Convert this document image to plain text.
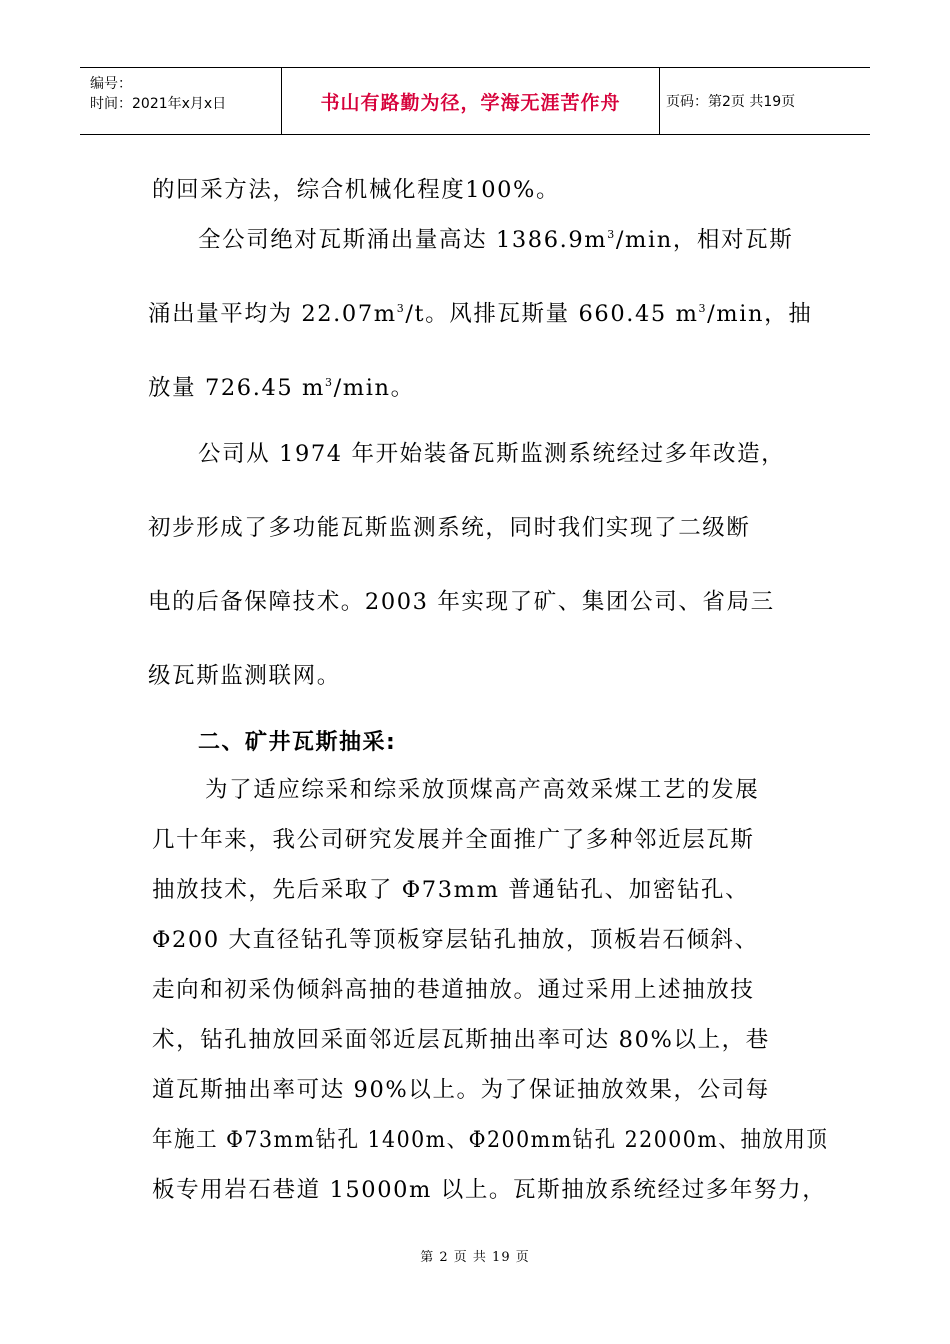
编号：
时间：2021年x月x日	书山有路勤为径，学海无涯苦作舟	页码：第2页 共19页
的回采方法，综合机械化程度100%。
全公司绝对瓦斯涌出量高达 $1386.9m^3/\min$，相对瓦斯
涌出量平均为 $22.07m^3/t$。风排瓦斯量 660.45 $m^3/\min$，抽
放量 726.45 $m^3/\min$。
公司从 1974 年开始装备瓦斯监测系统经过多年改造，
初步形成了多功能瓦斯监测系统，同时我们实现了二级断
电的后备保障技术。2003 年实现了矿、集团公司、省局三
级瓦斯监测联网。
二、矿井瓦斯抽采:
为了适应综采和综采放顶煤高产高效采煤工艺的发展
几十年来，我公司研究发展并全面推广了多种邻近层瓦斯
抽放技术，先后采取了 Φ73mm 普通钻孔、加密钻孔、
Φ200 大直径钻孔等顶板穿层钻孔抽放，顶板岩石倾斜、
走向和初采伪倾斜高抽的巷道抽放。通过采用上述抽放技
术，钻孔抽放回采面邻近层瓦斯抽出率可达 80%以上，巷
道瓦斯抽出率可达 90%以上。为了保证抽放效果，公司每
年施工 Φ73mm钻孔 1400m、Φ200mm钻孔 22000m、抽放用顶
板专用岩石巷道 15000m 以上。瓦斯抽放系统经过多年努力，
第 2 页 共 19 页
